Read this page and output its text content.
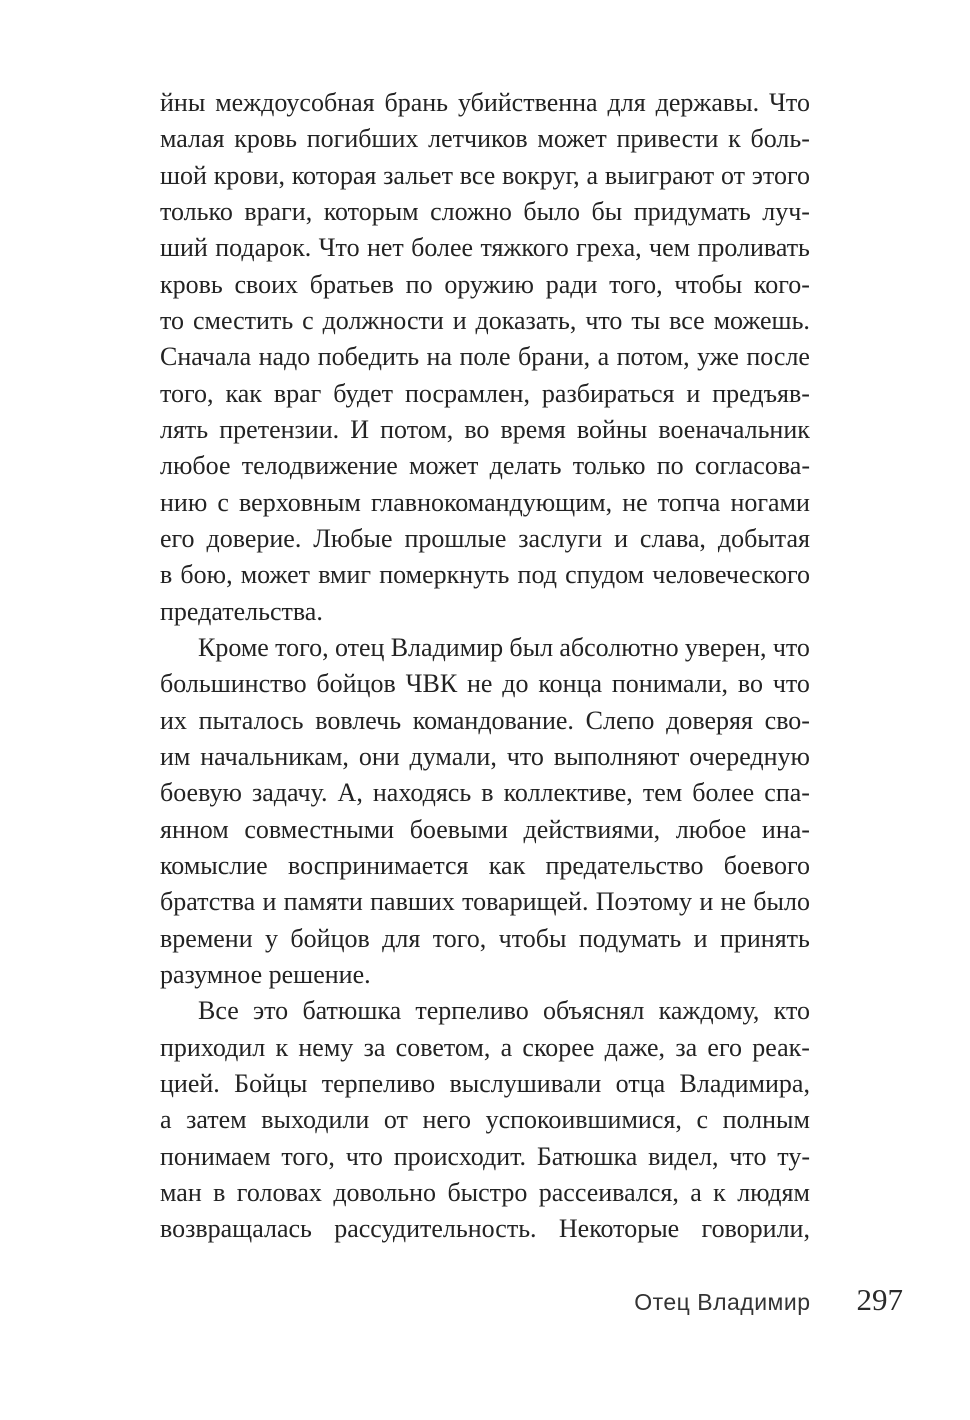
йны междоусобная брань убийственна для державы. Что
малая кровь погибших летчиков может привести к боль-
шой крови, которая зальет все вокруг, а выиграют от этого
только враги, которым сложно было бы придумать луч-
ший подарок. Что нет более тяжкого греха, чем проливать
кровь своих братьев по оружию ради того, чтобы кого-
то сместить с должности и доказать, что ты все можешь.
Сначала надо победить на поле брани, а потом, уже после
того, как враг будет посрамлен, разбираться и предъяв-
лять претензии. И потом, во время войны военачальник
любое телодвижение может делать только по согласова-
нию с верховным главнокомандующим, не топча ногами
его доверие. Любые прошлые заслуги и слава, добытая
в бою, может вмиг померкнуть под спудом человеческого
предательства.
Кроме того, отец Владимир был абсолютно уверен, что
большинство бойцов ЧВК не до конца понимали, во что
их пыталось вовлечь командование. Слепо доверяя сво-
им начальникам, они думали, что выполняют очередную
боевую задачу. А, находясь в коллективе, тем более спа-
янном совместными боевыми действиями, любое ина-
комыслие воспринимается как предательство боевого
братства и памяти павших товарищей. Поэтому и не было
времени у бойцов для того, чтобы подумать и принять
разумное решение.
Все это батюшка терпеливо объяснял каждому, кто
приходил к нему за советом, а скорее даже, за его реак-
цией. Бойцы терпеливо выслушивали отца Владимира,
а затем выходили от него успокоившимися, с полным
понимаем того, что происходит. Батюшка видел, что ту-
ман в головах довольно быстро рассеивался, а к людям
возвращалась рассудительность. Некоторые говорили,
Отец Владимир 297
